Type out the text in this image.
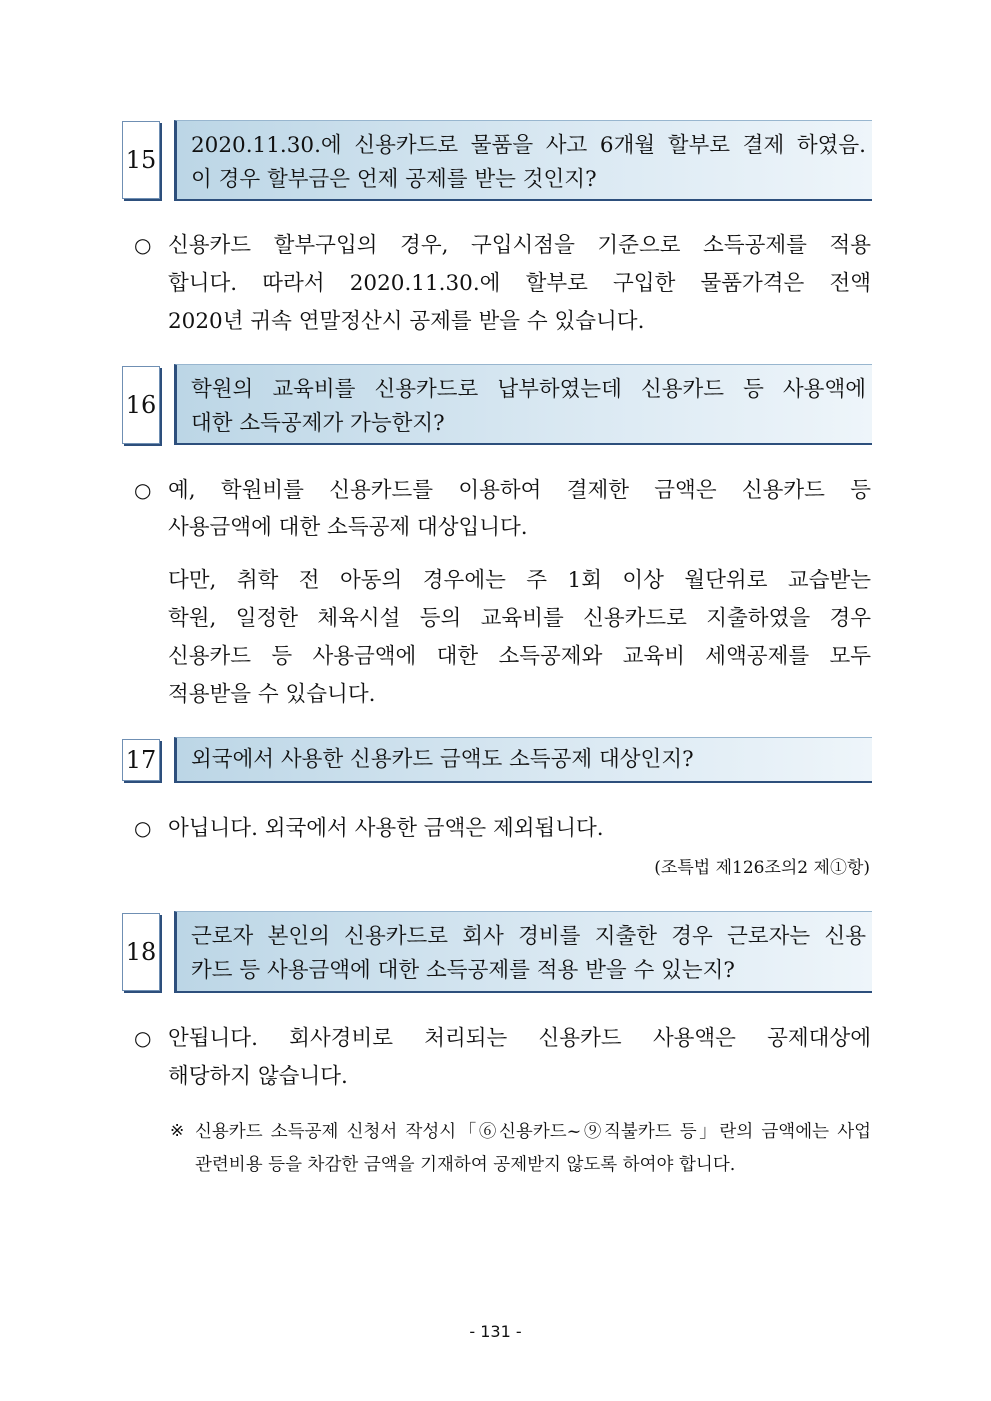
15
2020.11.30.에 신용카드로 물품을 사고 6개월 할부로 결제 하였음.
이 경우 할부금은 언제 공제를 받는 것인지?
○ 신용카드 할부구입의 경우, 구입시점을 기준으로 소득공제를 적용
합니다. 따라서 2020.11.30.에 할부로 구입한 물품가격은 전액
2020년 귀속 연말정산시 공제를 받을 수 있습니다.
16
학원의 교육비를 신용카드로 납부하였는데 신용카드 등 사용액에
대한 소득공제가 가능한지?
○ 예, 학원비를 신용카드를 이용하여 결제한 금액은 신용카드 등
사용금액에 대한 소득공제 대상입니다.
다만, 취학 전 아동의 경우에는 주 1회 이상 월단위로 교습받는
학원, 일정한 체육시설 등의 교육비를 신용카드로 지출하였을 경우
신용카드 등 사용금액에 대한 소득공제와 교육비 세액공제를 모두
적용받을 수 있습니다.
17 외국에서 사용한 신용카드 금액도 소득공제 대상인지?
○ 아닙니다. 외국에서 사용한 금액은 제외됩니다.
(조특법 제126조의2 제①항)
18
근로자 본인의 신용카드로 회사 경비를 지출한 경우 근로자는 신용
카드 등 사용금액에 대한 소득공제를 적용 받을 수 있는지?
○ 안됩니다. 회사경비로 처리되는 신용카드 사용액은 공제대상에
해당하지 않습니다.
※ 신용카드 소득공제 신청서 작성시「⑥신용카드~⑨직불카드 등」란의 금액에는 사업
관련비용 등을 차감한 금액을 기재하여 공제받지 않도록 하여야 합니다.
- 131 -
